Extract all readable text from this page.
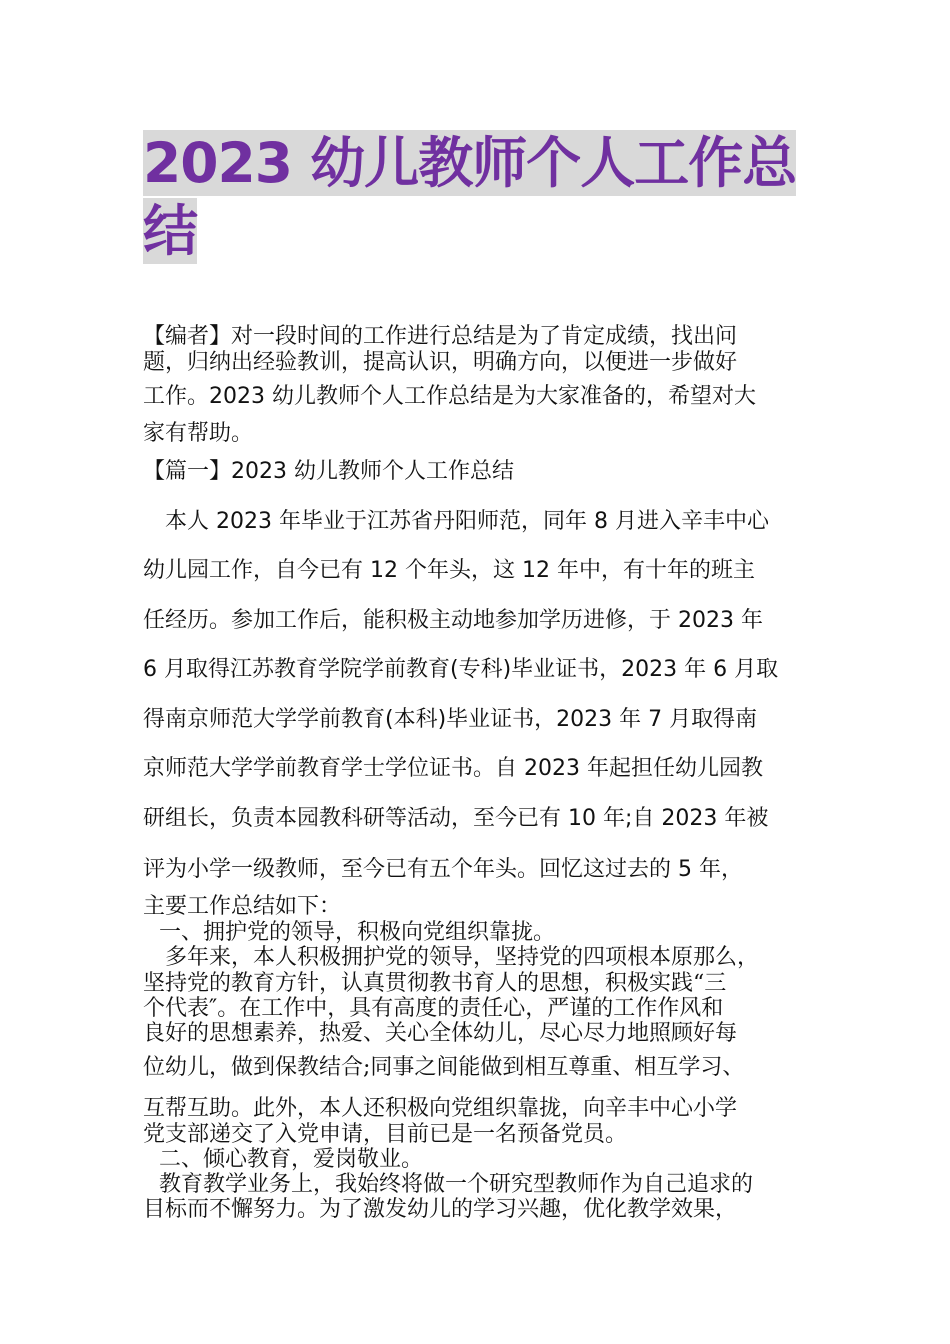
2023 幼儿教师个人工作总
结
【编者】对一段时间的工作进行总结是为了肯定成绩，找出问
题，归纳出经验教训，提高认识，明确方向，以便进一步做好
工作。2023 幼儿教师个人工作总结是为大家准备的，希望对大
家有帮助。
【篇一】2023 幼儿教师个人工作总结
本人 2023 年毕业于江苏省丹阳师范，同年 8 月进入辛丰中心
幼儿园工作，自今已有 12 个年头，这 12 年中，有十年的班主
任经历。参加工作后，能积极主动地参加学历进修，于 2023 年
6 月取得江苏教育学院学前教育(专科)毕业证书，2023 年 6 月取
得南京师范大学学前教育(本科)毕业证书，2023 年 7 月取得南
京师范大学学前教育学士学位证书。自 2023 年起担任幼儿园教
研组长，负责本园教科研等活动，至今已有 10 年;自 2023 年被
评为小学一级教师，至今已有五个年头。回忆这过去的 5 年，
主要工作总结如下：
一、拥护党的领导，积极向党组织靠拢。
多年来，本人积极拥护党的领导，坚持党的四项根本原那么，
坚持党的教育方针，认真贯彻教书育人的思想，积极实践“三
个代表″。在工作中，具有高度的责任心，严谨的工作作风和
良好的思想素养，热爱、关心全体幼儿，尽心尽力地照顾好每
位幼儿，做到保教结合;同事之间能做到相互尊重、相互学习、
互帮互助。此外，本人还积极向党组织靠拢，向辛丰中心小学
党支部递交了入党申请，目前已是一名预备党员。
二、倾心教育，爱岗敬业。
教育教学业务上，我始终将做一个研究型教师作为自己追求的
目标而不懈努力。为了激发幼儿的学习兴趣，优化教学效果，
